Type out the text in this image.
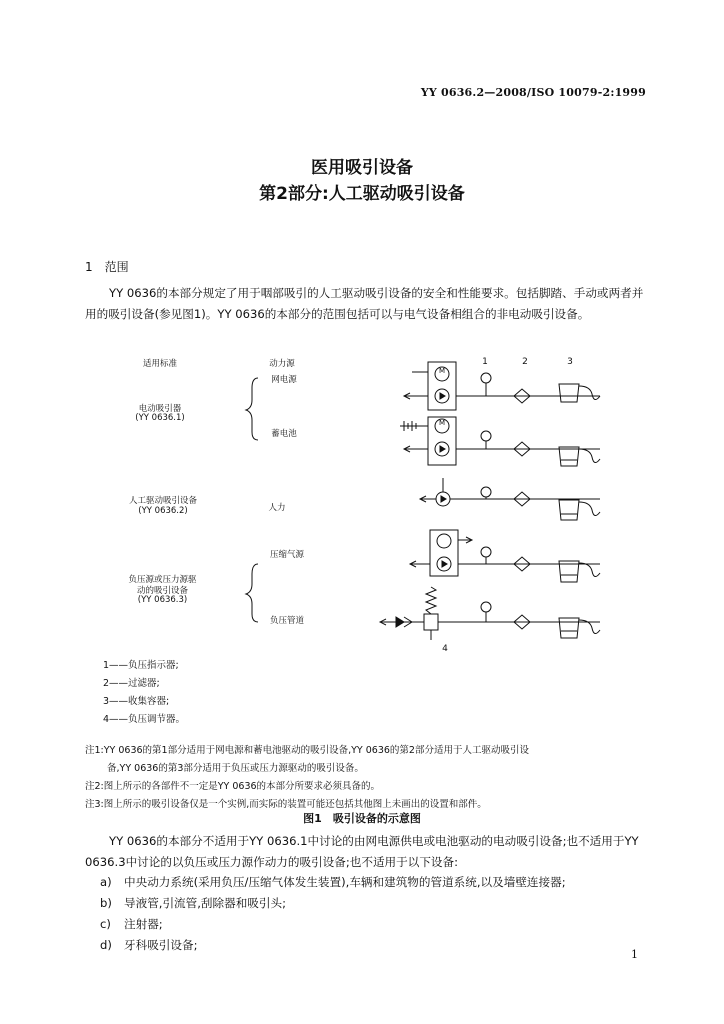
YY 0636.2—2008/ISO 10079-2:1999
医用吸引设备
第2部分:人工驱动吸引设备
1　范围
YY 0636的本部分规定了用于咽部吸引的人工驱动吸引设备的安全和性能要求。包括脚踏、手动或两者并用的吸引设备(参见图1)。YY 0636的本部分的范围包括可以与电气设备相组合的非电动吸引设备。
适用标准	动力源
电动吸引器
(YY 0636.1)
网电源
蓄电池
人工驱动吸引设备
(YY 0636.2)	人力
负压源或压力源驱
动的吸引设备
(YY 0636.3)
压缩气源
负压管道
1	2	3
4
M
M
1——负压指示器;
2——过滤器;
3——收集容器;
4——负压调节器。
注1:YY 0636的第1部分适用于网电源和蓄电池驱动的吸引设备,YY 0636的第2部分适用于人工驱动吸引设
备,YY 0636的第3部分适用于负压或压力源驱动的吸引设备。
注2:图上所示的各部件不一定是YY 0636的本部分所要求必须具备的。
注3:图上所示的吸引设备仅是一个实例,而实际的装置可能还包括其他图上未画出的设置和部件。
图1　吸引设备的示意图
YY 0636的本部分不适用于YY 0636.1中讨论的由网电源供电或电池驱动的电动吸引设备;也不适用于YY 0636.3中讨论的以负压或压力源作动力的吸引设备;也不适用于以下设备:
a) 中央动力系统(采用负压/压缩气体发生装置),车辆和建筑物的管道系统,以及墙壁连接器;
b) 导液管,引流管,刮除器和吸引头;
c) 注射器;
d) 牙科吸引设备;
1
